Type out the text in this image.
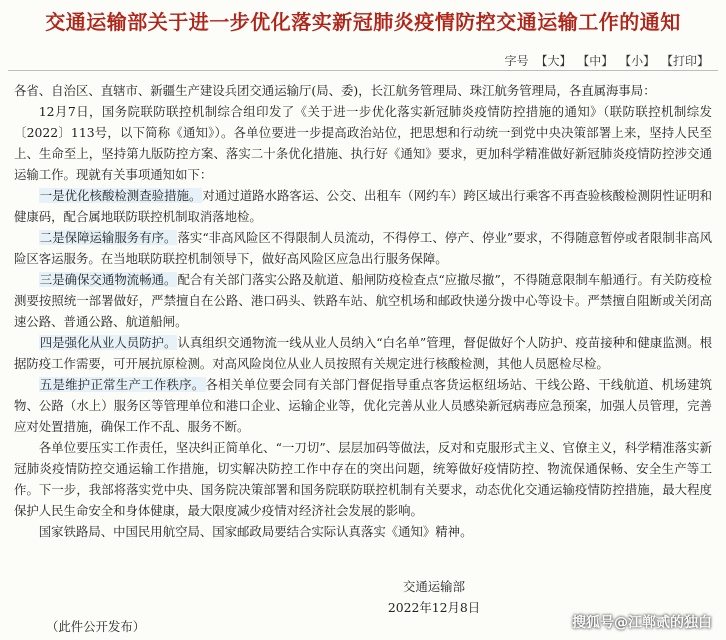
交通运输部关于进一步优化落实新冠肺炎疫情防控交通运输工作的通知
字号 【大】 【中】 【小】 【打印】

各省、自治区、直辖市、新疆生产建设兵团交通运输厅(局、委)，长江航务管理局、珠江航务管理局，各直属海事局：

12月7日，国务院联防联控机制综合组印发了《关于进一步优化落实新冠肺炎疫情防控措施的通知》（联防联控机制综发〔2022〕113号，以下简称《通知》）。各单位要进一步提高政治站位，把思想和行动统一到党中央决策部署上来，坚持人民至上、生命至上，坚持第九版防控方案、落实二十条优化措施、执行好《通知》要求，更加科学精准做好新冠肺炎疫情防控涉交通运输工作。现就有关事项通知如下：

一是优化核酸检测查验措施。对通过道路水路客运、公交、出租车（网约车）跨区域出行乘客不再查验核酸检测阴性证明和健康码，配合属地联防联控机制取消落地检。

二是保障运输服务有序。落实“非高风险区不得限制人员流动，不得停工、停产、停业”要求，不得随意暂停或者限制非高风险区客运服务。在当地联防联控机制领导下，做好高风险区应急出行服务保障。

三是确保交通物流畅通。配合有关部门落实公路及航道、船闸防疫检查点“应撤尽撤”，不得随意限制车船通行。有关防疫检测要按照统一部署做好，严禁擅自在公路、港口码头、铁路车站、航空机场和邮政快递分拨中心等设卡。严禁擅自阻断或关闭高速公路、普通公路、航道船闸。

四是强化从业人员防护。认真组织交通物流一线从业人员纳入“白名单”管理，督促做好个人防护、疫苗接种和健康监测。根据防疫工作需要，可开展抗原检测。对高风险岗位从业人员按照有关规定进行核酸检测，其他人员愿检尽检。

五是维护正常生产工作秩序。各相关单位要会同有关部门督促指导重点客货运枢纽场站、干线公路、干线航道、机场建筑物、公路（水上）服务区等管理单位和港口企业、运输企业等，优化完善从业人员感染新冠病毒应急预案，加强人员管理，完善应对处置措施，确保工作不乱、服务不断。

各单位要压实工作责任，坚决纠正简单化、“一刀切”、层层加码等做法，反对和克服形式主义、官僚主义，科学精准落实新冠肺炎疫情防控交通运输工作措施，切实解决防控工作中存在的突出问题，统筹做好疫情防控、物流保通保畅、安全生产等工作。下一步，我部将落实党中央、国务院决策部署和国务院联防联控机制有关要求，动态优化交通运输疫情防控措施，最大程度保护人民生命安全和身体健康，最大限度减少疫情对经济社会发展的影响。

国家铁路局、中国民用航空局、国家邮政局要结合实际认真落实《通知》精神。

交通运输部
2022年12月8日
（此件公开发布）	搜狐号@江郸贰的独白
